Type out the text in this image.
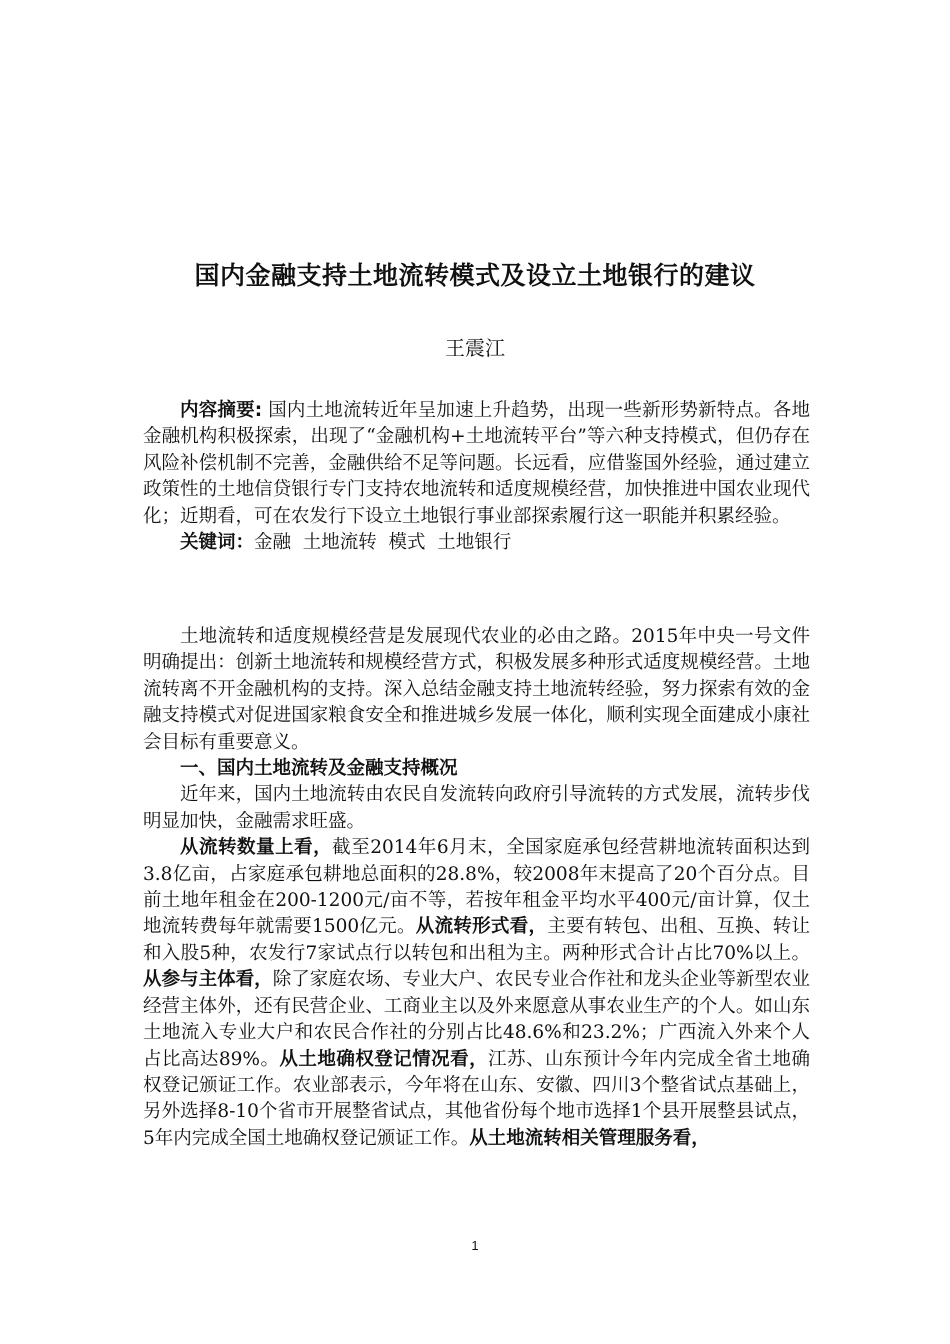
国内金融支持土地流转模式及设立土地银行的建议
王震江

内容摘要: 国内土地流转近年呈加速上升趋势，出现一些新形势新特点。各地金融机构积极探索，出现了“金融机构+土地流转平台”等六种支持模式，但仍存在风险补偿机制不完善，金融供给不足等问题。长远看，应借鉴国外经验，通过建立政策性的土地信贷银行专门支持农地流转和适度规模经营，加快推进中国农业现代化；近期看，可在农发行下设立土地银行事业部探索履行这一职能并积累经验。

关键词：金融  土地流转  模式  土地银行

土地流转和适度规模经营是发展现代农业的必由之路。2015年中央一号文件明确提出：创新土地流转和规模经营方式，积极发展多种形式适度规模经营。土地流转离不开金融机构的支持。深入总结金融支持土地流转经验，努力探索有效的金融支持模式对促进国家粮食安全和推进城乡发展一体化，顺利实现全面建成小康社会目标有重要意义。

一、国内土地流转及金融支持概况

近年来，国内土地流转由农民自发流转向政府引导流转的方式发展，流转步伐明显加快，金融需求旺盛。

从流转数量上看，截至2014年6月末，全国家庭承包经营耕地流转面积达到3.8亿亩，占家庭承包耕地总面积的28.8%，较2008年末提高了20个百分点。目前土地年租金在200-1200元/亩不等，若按年租金平均水平400元/亩计算，仅土地流转费每年就需要1500亿元。从流转形式看，主要有转包、出租、互换、转让和入股5种，农发行7家试点行以转包和出租为主。两种形式合计占比70%以上。从参与主体看，除了家庭农场、专业大户、农民专业合作社和龙头企业等新型农业经营主体外，还有民营企业、工商业主以及外来愿意从事农业生产的个人。如山东土地流入专业大户和农民合作社的分别占比48.6%和23.2%；广西流入外来个人占比高达89%。从土地确权登记情况看，江苏、山东预计今年内完成全省土地确权登记颁证工作。农业部表示，今年将在山东、安徽、四川3个整省试点基础上，另外选择8-10个省市开展整省试点，其他省份每个地市选择1个县开展整县试点，5年内完成全国土地确权登记颁证工作。从土地流转相关管理服务看，

1
